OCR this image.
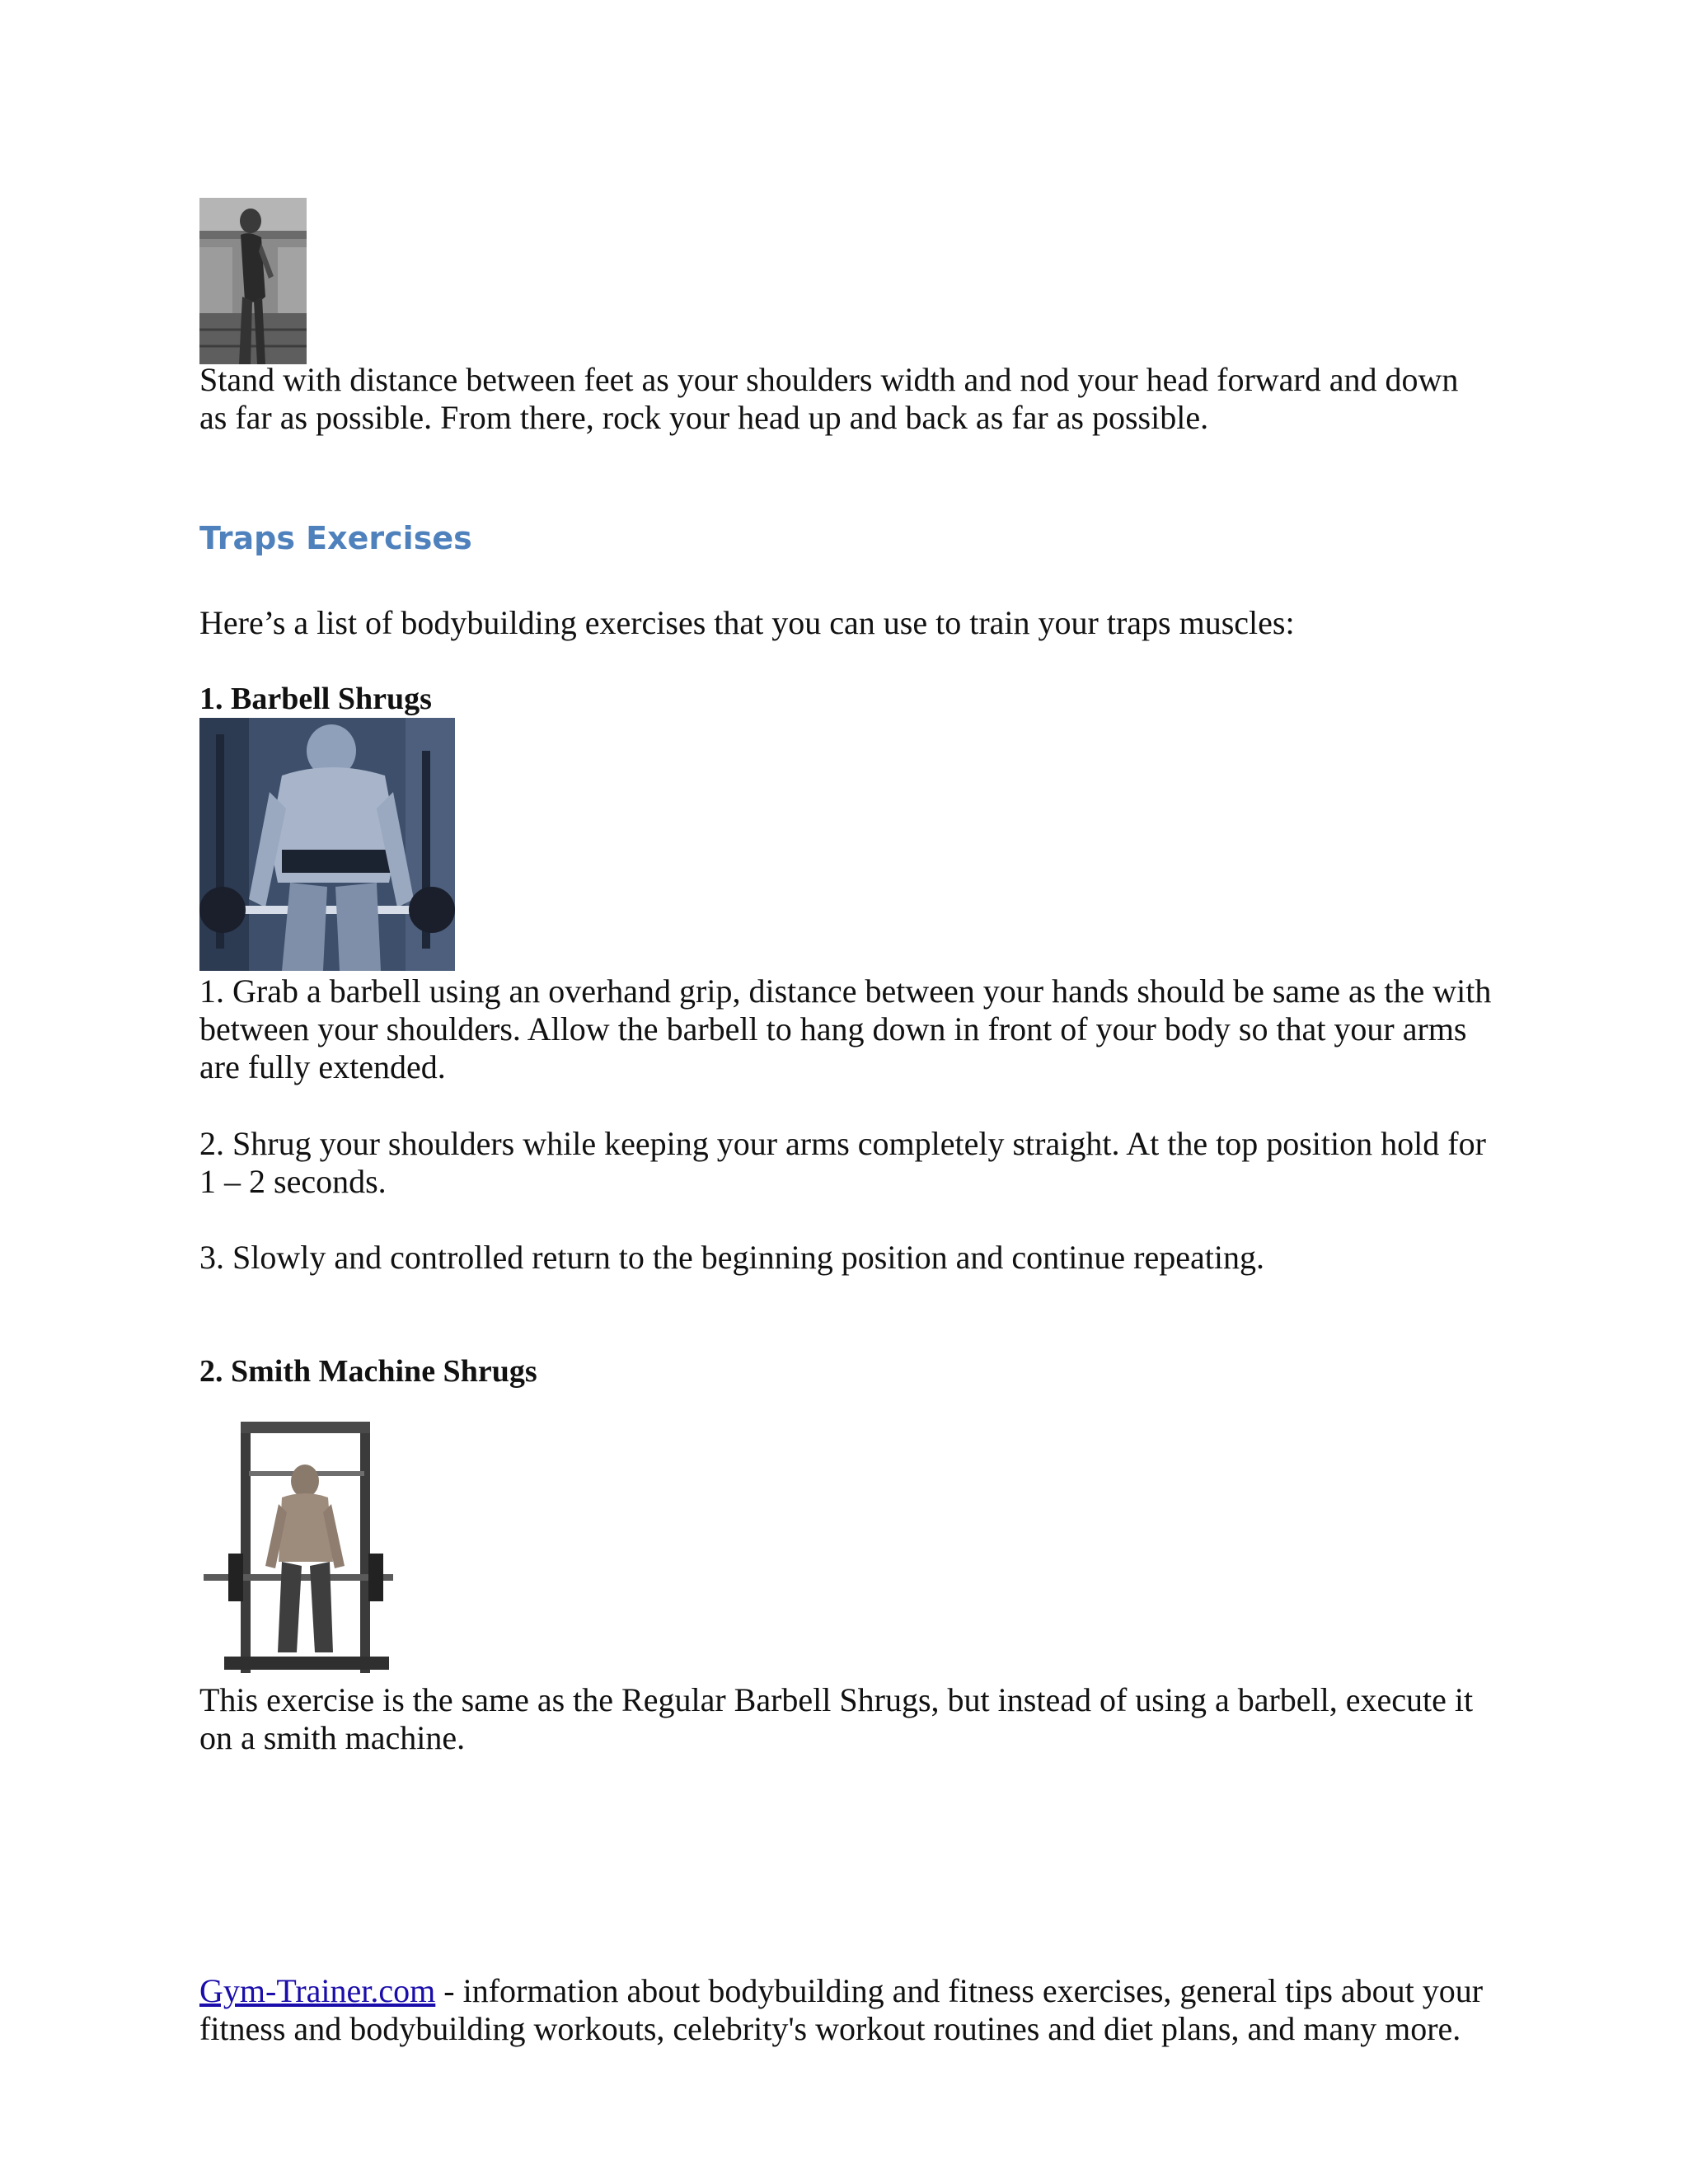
Stand with distance between feet as your shoulders width and nod your head forward and down as far as possible. From there, rock your head up and back as far as possible.

Traps Exercises

Here’s a list of bodybuilding exercises that you can use to train your traps muscles:

1. Barbell Shrugs

1. Grab a barbell using an overhand grip, distance between your hands should be same as the with between your shoulders. Allow the barbell to hang down in front of your body so that your arms are fully extended.

2. Shrug your shoulders while keeping your arms completely straight. At the top position hold for 1 – 2 seconds.

3. Slowly and controlled return to the beginning position and continue repeating.

2. Smith Machine Shrugs

This exercise is the same as the Regular Barbell Shrugs, but instead of using a barbell, execute it on a smith machine.

Gym-Trainer.com - information about bodybuilding and fitness exercises, general tips about your fitness and bodybuilding workouts, celebrity's workout routines and diet plans, and many more.
